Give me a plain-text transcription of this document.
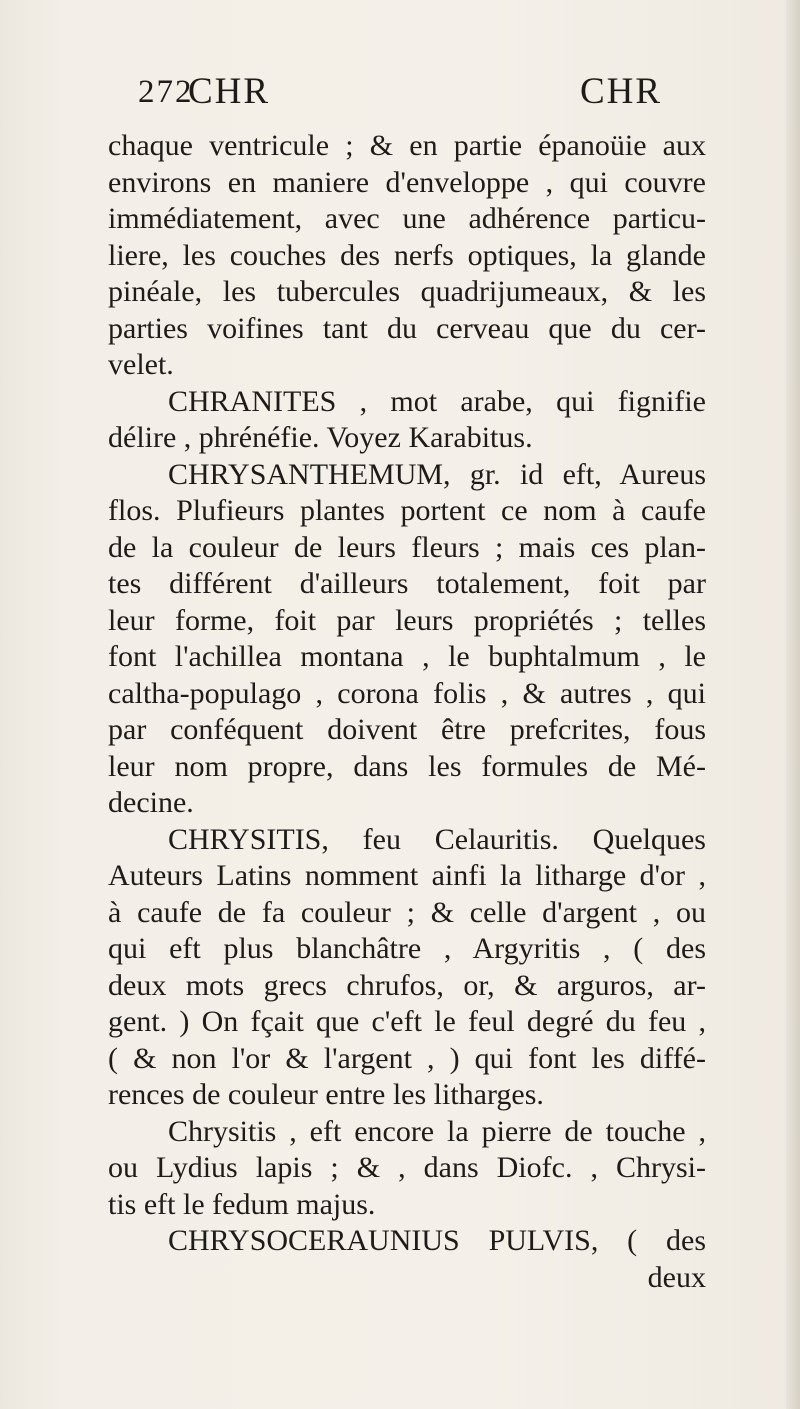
272
CHR	CHR
chaque ventricule ; & en partie épanoüie aux
environs en maniere d'enveloppe , qui couvre
immédiatement, avec une adhérence particu-
liere, les couches des nerfs optiques, la glande
pinéale, les tubercules quadrijumeaux, & les
parties voifines tant du cerveau que du cer-
velet.
CHRANITES , mot arabe, qui fignifie
délire , phrénéfie. Voyez Karabitus.
CHRYSANTHEMUM, gr. id eft, Aureus
flos. Plufieurs plantes portent ce nom à caufe
de la couleur de leurs fleurs ; mais ces plan-
tes différent d'ailleurs totalement, foit par
leur forme, foit par leurs propriétés ; telles
font l'achillea montana , le buphtalmum , le
caltha-populago , corona folis , & autres , qui
par conféquent doivent être prefcrites, fous
leur nom propre, dans les formules de Mé-
decine.
CHRYSITIS, feu Celauritis. Quelques
Auteurs Latins nomment ainfi la litharge d'or ,
à caufe de fa couleur ; & celle d'argent , ou
qui eft plus blanchâtre , Argyritis , ( des
deux mots grecs chrufos, or, & arguros, ar-
gent. ) On fçait que c'eft le feul degré du feu ,
( & non l'or & l'argent , ) qui font les diffé-
rences de couleur entre les litharges.
Chrysitis , eft encore la pierre de touche ,
ou Lydius lapis ; & , dans Diofc. , Chrysi-
tis eft le fedum majus.
CHRYSOCERAUNIUS PULVIS, ( des
deux
